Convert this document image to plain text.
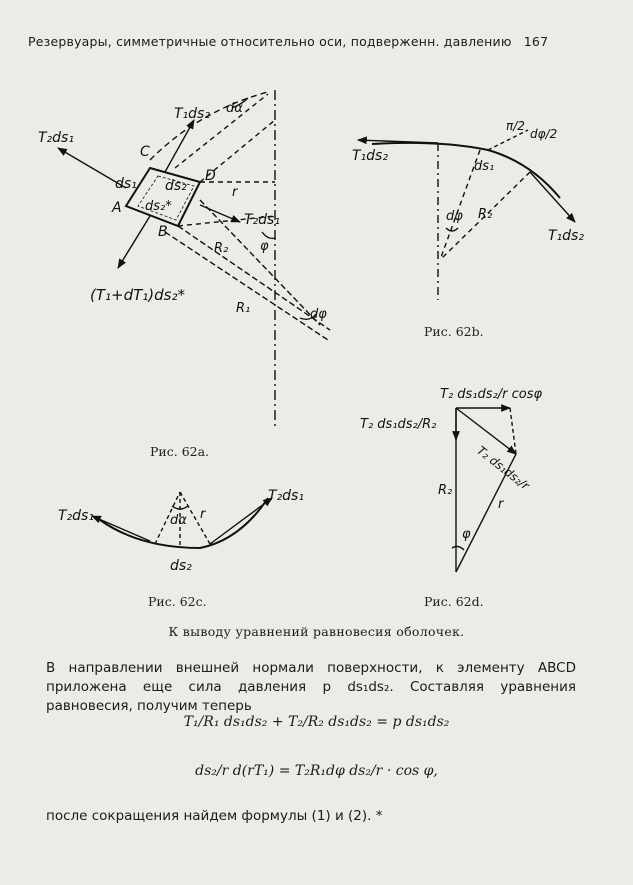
Резервуары, симметричные относительно оси, подверженн. давлению 167
T₂ds₁
T₁ds₂ dα
C
D
A
B
ds₁ ds₂
ds₂*
r
T₂ds₁
R₂ φ
(T₁+dT₁)ds₂*
R₁	dφ
Рис. 62a.
T₁ds₂
π/2
dφ/2
ds₁
dφ R₂
T₁ds₂
Рис. 62b.
T₂ds₁	dα r
T₂ds₁
ds₂
Рис. 62c.
T₂ ds₁ds₂/r cosφ
T₂ ds₁ds₂/R₂
T₂ ds₁ds₂/r
R₂
φ
r
Рис. 62d.
К выводу уравнений равновесия оболочек.
В направлении внешней нормали поверхности, к элементу ABCD приложена еще сила давления p ds₁ds₂. Составляя уравнения равновесия, получим теперь
T₁/R₁ ds₁ds₂ + T₂/R₂ ds₁ds₂ = p ds₁ds₂
ds₂/r d(rT₁) = T₂R₁dφ ds₂/r · cos φ,
после сокращения найдем формулы (1) и (2). *
